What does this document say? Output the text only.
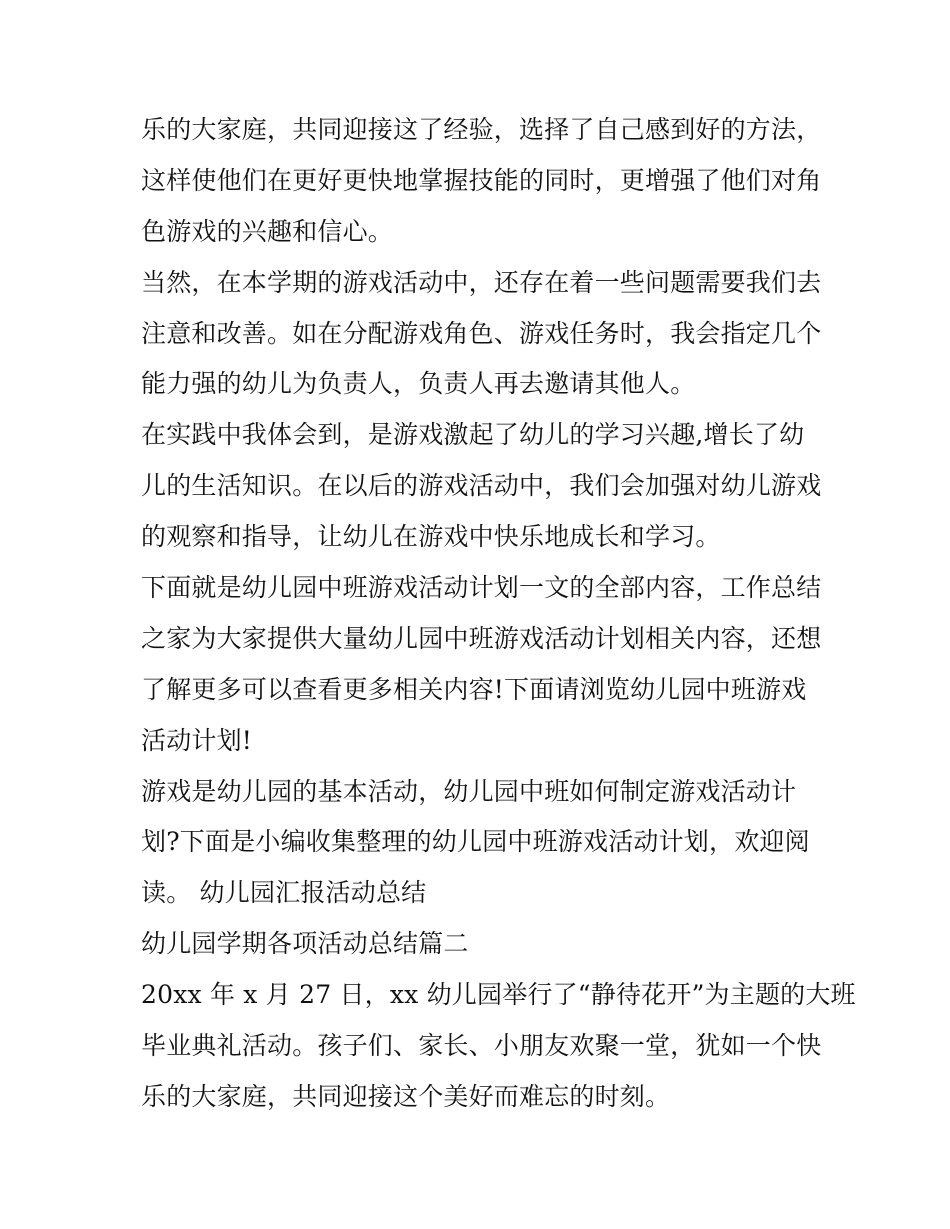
乐的大家庭，共同迎接这了经验，选择了自己感到好的方法，
这样使他们在更好更快地掌握技能的同时，更增强了他们对角
色游戏的兴趣和信心。
当然，在本学期的游戏活动中，还存在着一些问题需要我们去
注意和改善。如在分配游戏角色、游戏任务时，我会指定几个
能力强的幼儿为负责人，负责人再去邀请其他人。
在实践中我体会到，是游戏激起了幼儿的学习兴趣,增长了幼
儿的生活知识。在以后的游戏活动中，我们会加强对幼儿游戏
的观察和指导，让幼儿在游戏中快乐地成长和学习。
下面就是幼儿园中班游戏活动计划一文的全部内容，工作总结
之家为大家提供大量幼儿园中班游戏活动计划相关内容，还想
了解更多可以查看更多相关内容!下面请浏览幼儿园中班游戏
活动计划!
游戏是幼儿园的基本活动，幼儿园中班如何制定游戏活动计
划?下面是小编收集整理的幼儿园中班游戏活动计划，欢迎阅
读。 幼儿园汇报活动总结
幼儿园学期各项活动总结篇二
20xx 年 x 月 27 日，xx 幼儿园举行了“静待花开”为主题的大班
毕业典礼活动。孩子们、家长、小朋友欢聚一堂，犹如一个快
乐的大家庭，共同迎接这个美好而难忘的时刻。
